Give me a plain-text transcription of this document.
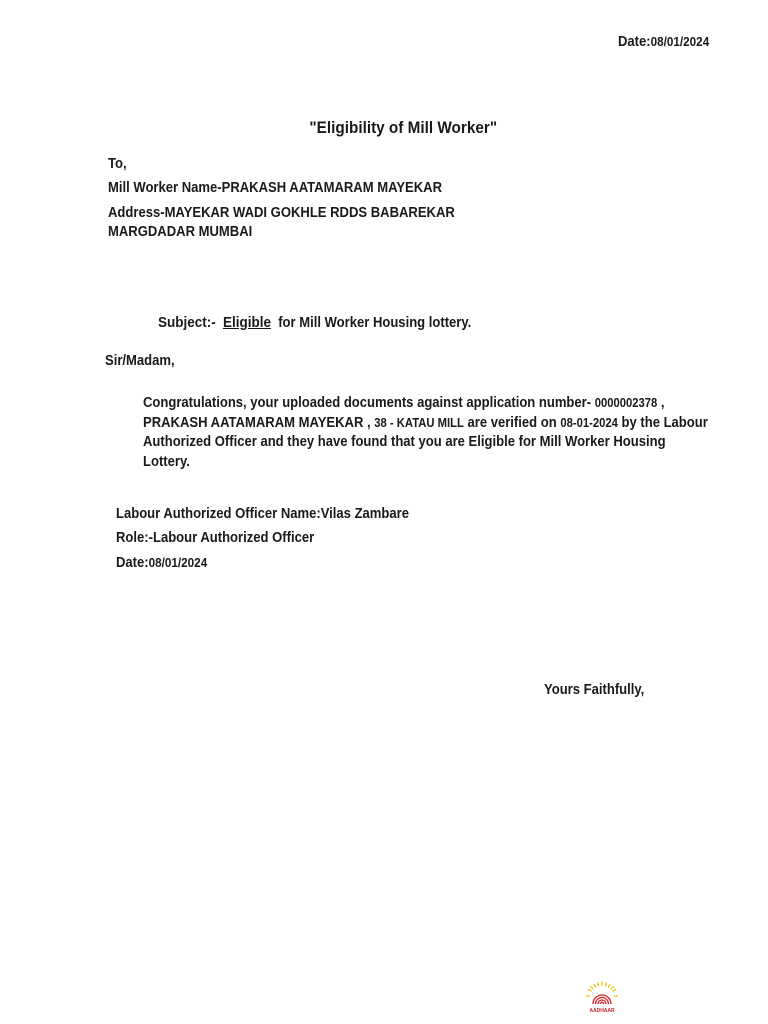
Date:08/01/2024
"Eligibility of Mill Worker"
To,
Mill Worker Name-PRAKASH AATAMARAM MAYEKAR
Address-MAYEKAR WADI GOKHLE RDDS BABAREKAR
MARGDADAR MUMBAI
Subject:- Eligible for Mill Worker Housing lottery.
Sir/Madam,
Congratulations, your uploaded documents against application number- 0000002378 ,
PRAKASH AATAMARAM MAYEKAR , 38 - KATAU MILL are verified on 08-01-2024 by the Labour Authorized Officer and they have found that you are Eligible for Mill Worker Housing Lottery.
Labour Authorized Officer Name:Vilas Zambare
Role:-Labour Authorized Officer
Date:08/01/2024
Yours Faithfully,
AADHAAR
